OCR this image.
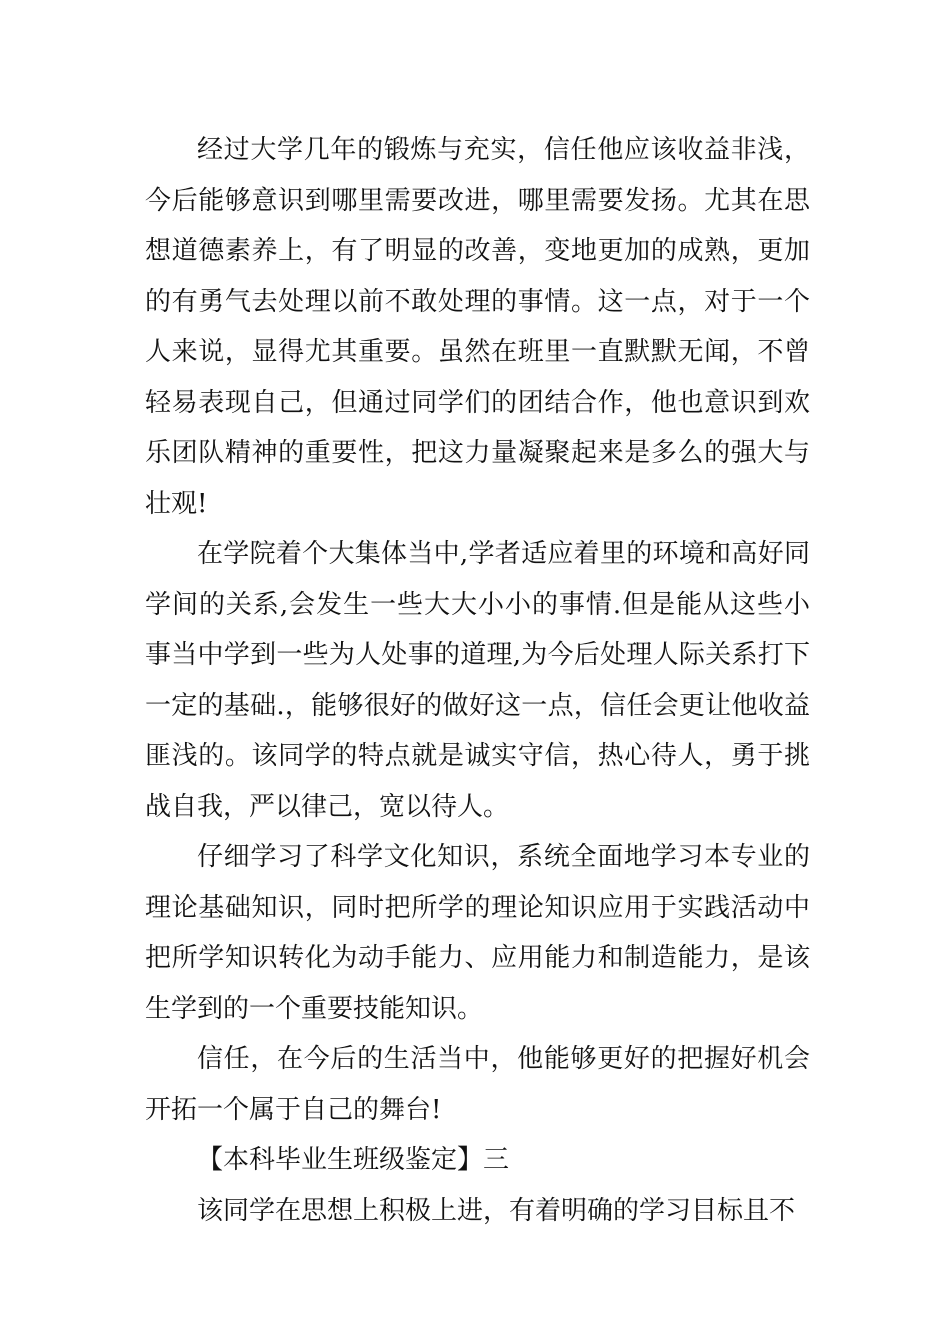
经过大学几年的锻炼与充实，信任他应该收益非浅，今后能够意识到哪里需要改进，哪里需要发扬。尤其在思想道德素养上，有了明显的改善，变地更加的成熟，更加的有勇气去处理以前不敢处理的事情。这一点，对于一个人来说，显得尤其重要。虽然在班里一直默默无闻，不曾轻易表现自己，但通过同学们的团结合作，他也意识到欢乐团队精神的重要性，把这力量凝聚起来是多么的强大与壮观!

在学院着个大集体当中,学者适应着里的环境和高好同学间的关系,会发生一些大大小小的事情.但是能从这些小事当中学到一些为人处事的道理,为今后处理人际关系打下一定的基础.，能够很好的做好这一点，信任会更让他收益匪浅的。该同学的特点就是诚实守信，热心待人，勇于挑战自我，严以律己，宽以待人。

仔细学习了科学文化知识，系统全面地学习本专业的理论基础知识，同时把所学的理论知识应用于实践活动中把所学知识转化为动手能力、应用能力和制造能力，是该生学到的一个重要技能知识。

信任，在今后的生活当中，他能够更好的把握好机会开拓一个属于自己的舞台!

【本科毕业生班级鉴定】三

该同学在思想上积极上进，有着明确的学习目标且不
